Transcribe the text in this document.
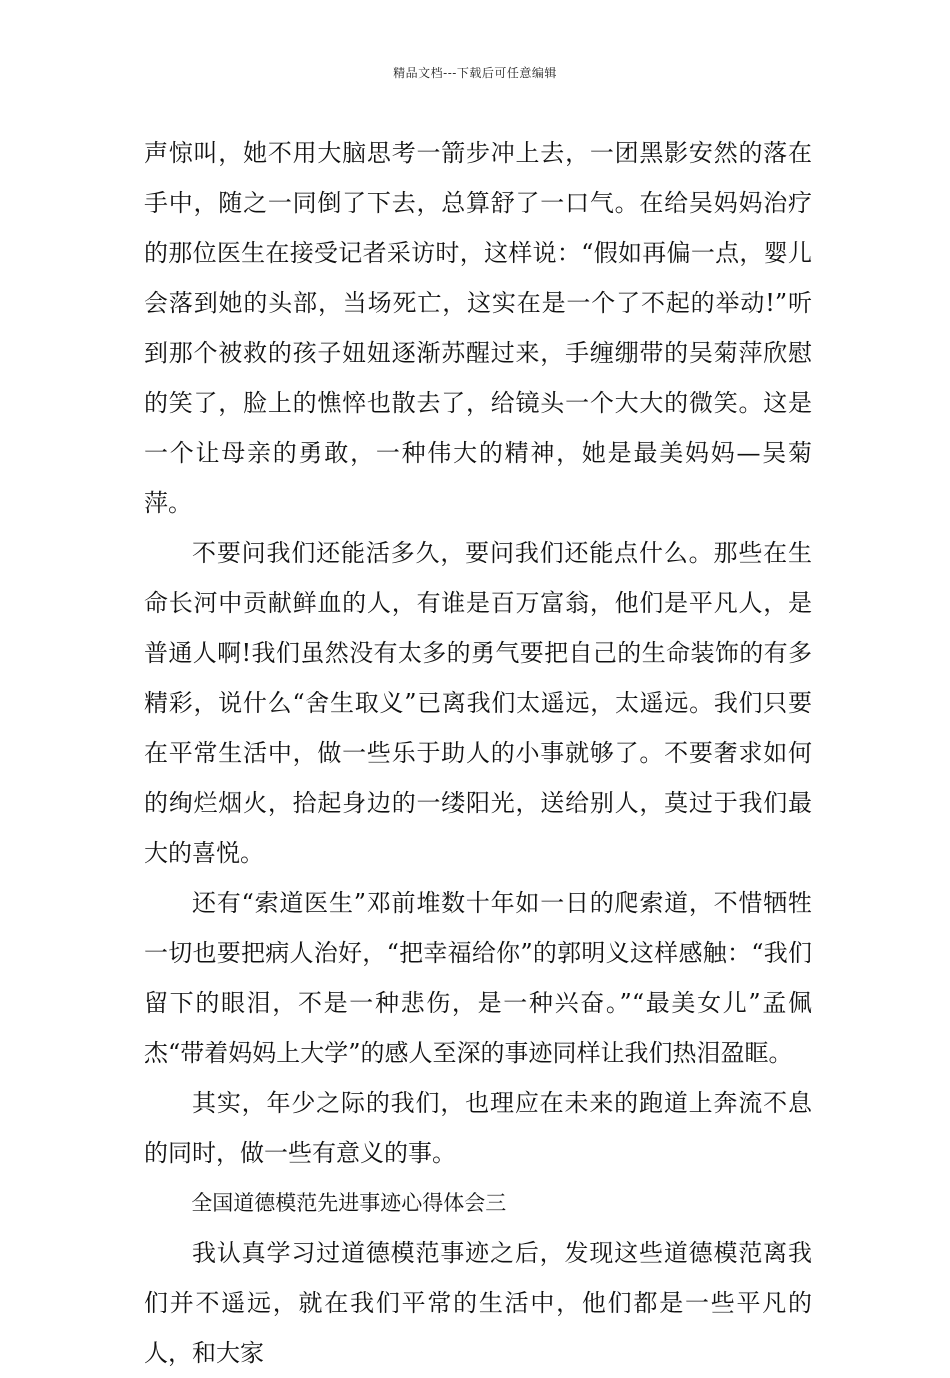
精品文档---下载后可任意编辑

声惊叫，她不用大脑思考一箭步冲上去，一团黑影安然的落在手中，随之一同倒了下去，总算舒了一口气。在给吴妈妈治疗的那位医生在接受记者采访时，这样说：“假如再偏一点，婴儿会落到她的头部，当场死亡，这实在是一个了不起的举动!”听到那个被救的孩子妞妞逐渐苏醒过来，手缠绷带的吴菊萍欣慰的笑了，脸上的憔悴也散去了，给镜头一个大大的微笑。这是一个让母亲的勇敢，一种伟大的精神，她是最美妈妈—吴菊萍。

不要问我们还能活多久，要问我们还能点什么。那些在生命长河中贡献鲜血的人，有谁是百万富翁，他们是平凡人，是普通人啊!我们虽然没有太多的勇气要把自己的生命装饰的有多精彩，说什么“舍生取义”已离我们太遥远，太遥远。我们只要在平常生活中，做一些乐于助人的小事就够了。不要奢求如何的绚烂烟火，拾起身边的一缕阳光，送给别人，莫过于我们最大的喜悦。

还有“索道医生”邓前堆数十年如一日的爬索道，不惜牺牲一切也要把病人治好，“把幸福给你”的郭明义这样感触：“我们留下的眼泪，不是一种悲伤，是一种兴奋。”“最美女儿”孟佩杰“带着妈妈上大学”的感人至深的事迹同样让我们热泪盈眶。

其实，年少之际的我们，也理应在未来的跑道上奔流不息的同时，做一些有意义的事。

全国道德模范先进事迹心得体会三

我认真学习过道德模范事迹之后，发现这些道德模范离我们并不遥远，就在我们平常的生活中，他们都是一些平凡的人，和大家
